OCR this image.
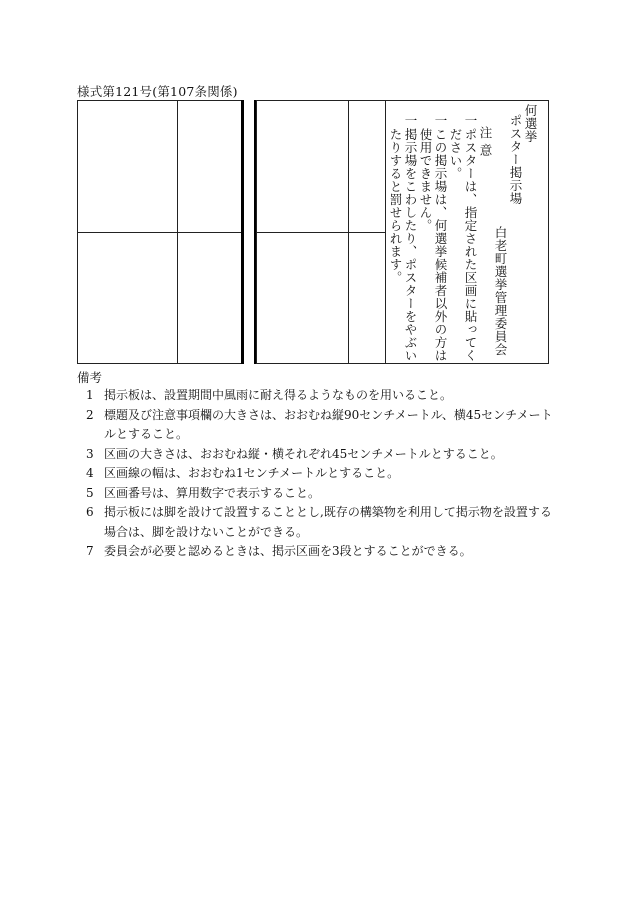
様式第121号(第107条関係)
何選挙
ポスター掲示場
白老町選挙管理委員会
注 意
一
ポスターは、指定された区画に貼ってく
ださい。
一
この掲示場は、何選挙候補者以外の方は
使用できません。
一
掲示場をこわしたり、ポスターをやぶい
たりすると罰せられます。
備考
1 掲示板は、設置期間中風雨に耐え得るようなものを用いること。
2 標題及び注意事項欄の大きさは、おおむね縦90センチメートル、横45センチメートルとすること。
3 区画の大きさは、おおむね縦・横それぞれ45センチメートルとすること。
4 区画線の幅は、おおむね1センチメートルとすること。
5 区画番号は、算用数字で表示すること。
6 掲示板には脚を設けて設置することとし,既存の構築物を利用して掲示物を設置する場合は、脚を設けないことができる。
7 委員会が必要と認めるときは、掲示区画を3段とすることができる。
